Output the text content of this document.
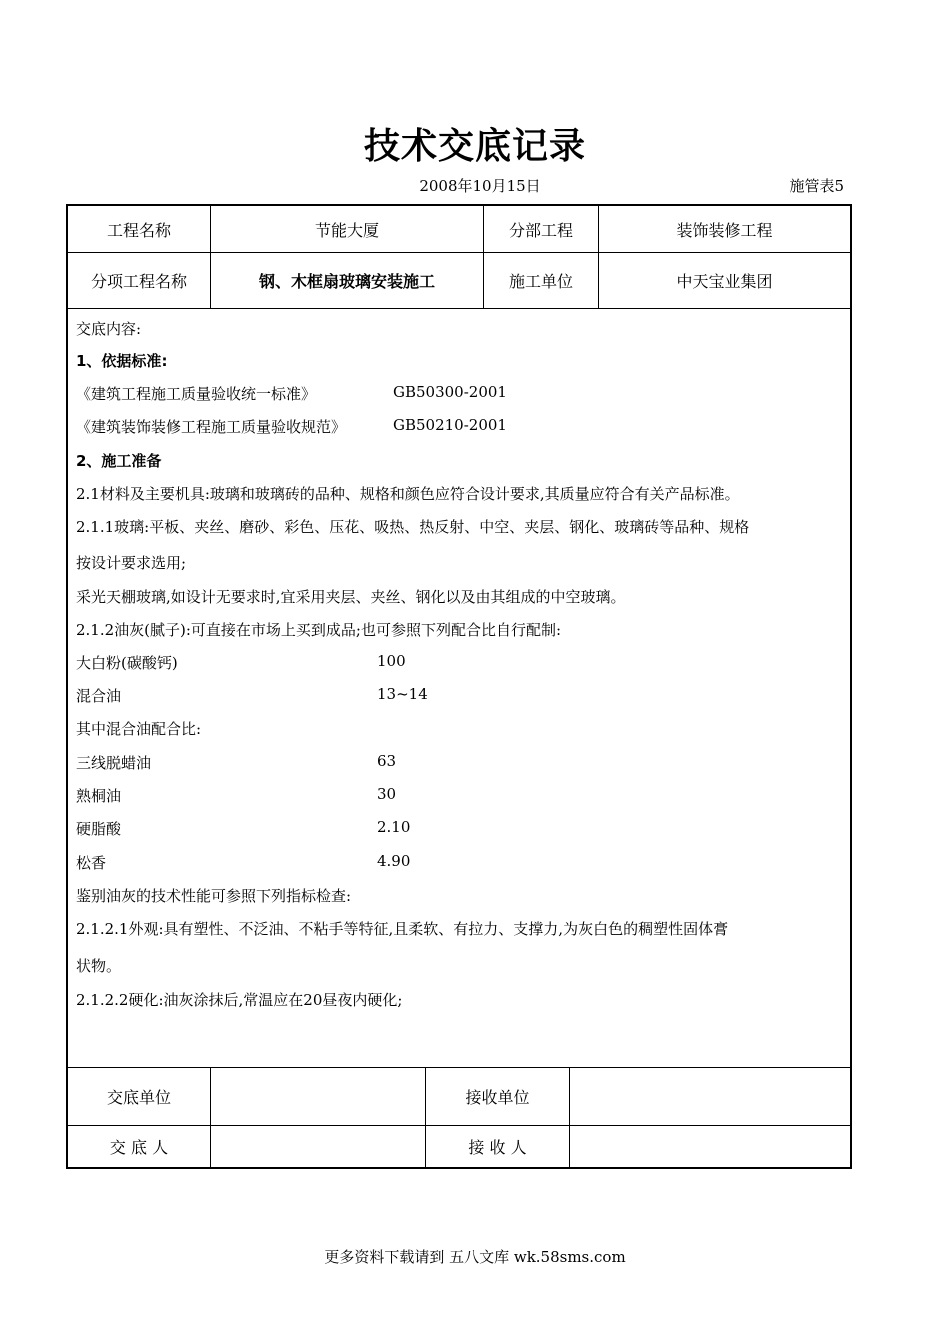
技术交底记录
2008年10月15日	施管表5
工程名称	节能大厦	分部工程	装饰装修工程
分项工程名称	钢、木框扇玻璃安装施工	施工单位	中天宝业集团
交底内容:
1、依据标准:
《建筑工程施工质量验收统一标准》	GB50300-2001
《建筑装饰装修工程施工质量验收规范》	GB50210-2001
2、施工准备
2.1材料及主要机具:玻璃和玻璃砖的品种、规格和颜色应符合设计要求,其质量应符合有关产品标准。
2.1.1玻璃:平板、夹丝、磨砂、彩色、压花、吸热、热反射、中空、夹层、钢化、玻璃砖等品种、规格
按设计要求选用;
采光天棚玻璃,如设计无要求时,宜采用夹层、夹丝、钢化以及由其组成的中空玻璃。
2.1.2油灰(腻子):可直接在市场上买到成品;也可参照下列配合比自行配制:
大白粉(碳酸钙)	100
混合油	13~14
其中混合油配合比:
三线脱蜡油	63
熟桐油	30
硬脂酸	2.10
松香	4.90
鉴别油灰的技术性能可参照下列指标检查:
2.1.2.1外观:具有塑性、不泛油、不粘手等特征,且柔软、有拉力、支撑力,为灰白色的稠塑性固体膏
状物。
2.1.2.2硬化:油灰涂抹后,常温应在20昼夜内硬化;
交底单位	接收单位
交 底 人	接 收 人
更多资料下载请到 五八文库 wk.58sms.com
